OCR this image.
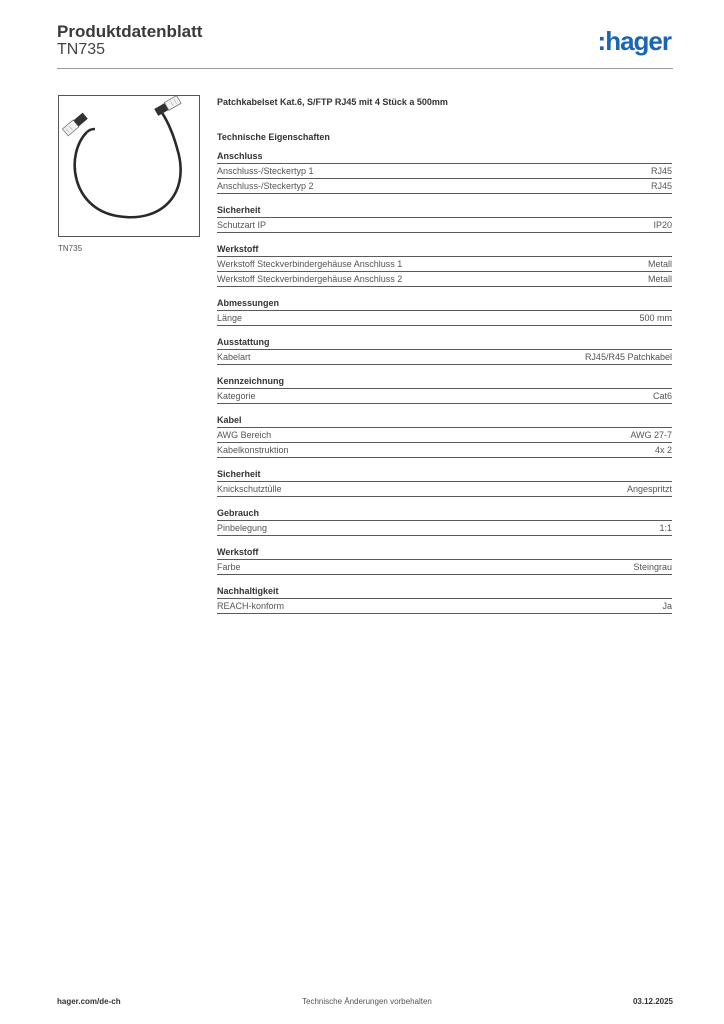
Produktdatenblatt
TN735	:hager
TN735
Patchkabelset Kat.6, S/FTP RJ45 mit 4 Stück a 500mm
Technische Eigenschaften
Anschluss
Anschluss-/Steckertyp 1	RJ45
Anschluss-/Steckertyp 2	RJ45
Sicherheit
Schutzart IP	IP20
Werkstoff
Werkstoff Steckverbindergehäuse Anschluss 1	Metall
Werkstoff Steckverbindergehäuse Anschluss 2	Metall
Abmessungen
Länge	500 mm
Ausstattung
Kabelart	RJ45/R45 Patchkabel
Kennzeichnung
Kategorie	Cat6
Kabel
AWG Bereich	AWG 27-7
Kabelkonstruktion	4x 2
Sicherheit
Knickschutztülle	Angespritzt
Gebrauch
Pinbelegung	1:1
Werkstoff
Farbe	Steingrau
Nachhaltigkeit
REACH-konform	Ja
hager.com/de-ch	Technische Änderungen vorbehalten	03.12.2025
